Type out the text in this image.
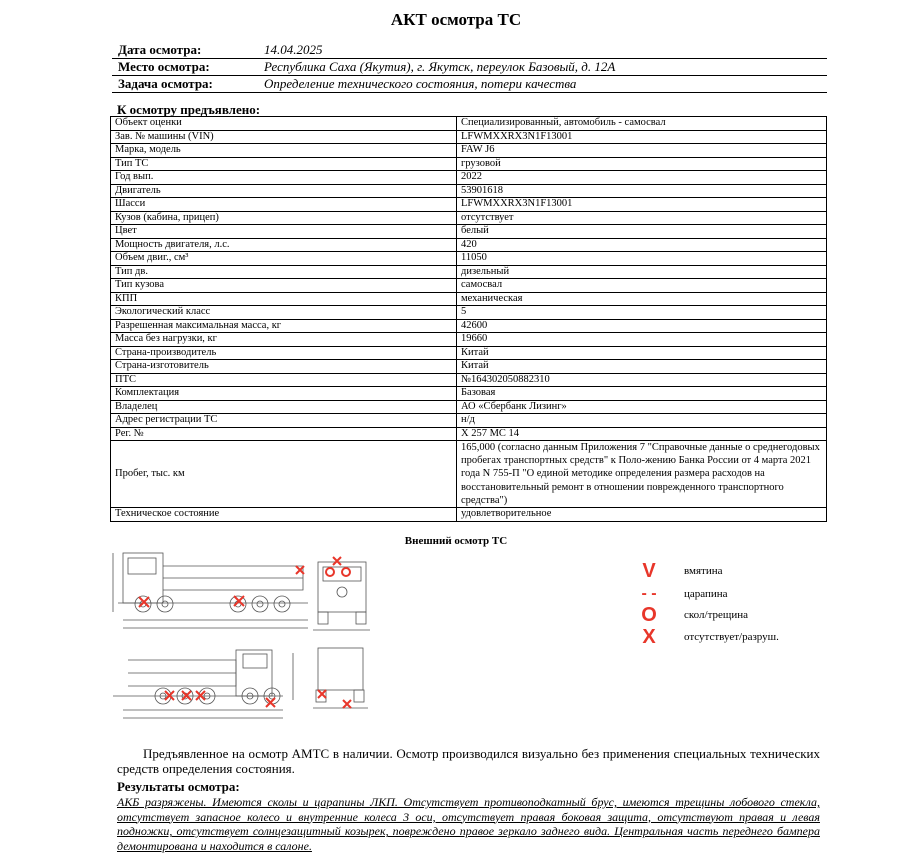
АКТ осмотра ТС
Дата осмотра:	14.04.2025
Место осмотра:	Республика Саха (Якутия), г. Якутск, переулок Базовый, д. 12А
Задача осмотра:	Определение технического состояния, потери качества
К осмотру предъявлено:
Объект оценки	Специализированный, автомобиль - самосвал
Зав. № машины (VIN)	LFWMXXRX3N1F13001
Марка, модель	FAW J6
Тип ТС	грузовой
Год вып.	2022
Двигатель	53901618
Шасси	LFWMXXRX3N1F13001
Кузов (кабина, прицеп)	отсутствует
Цвет	белый
Мощность двигателя, л.с.	420
Объем двиг., см³	11050
Тип дв.	дизельный
Тип кузова	самосвал
КПП	механическая
Экологический класс	5
Разрешенная максимальная масса, кг	42600
Масса без нагрузки, кг	19660
Страна-производитель	Китай
Страна-изготовитель	Китай
ПТС	№164302050882310
Комплектация	Базовая
Владелец	АО «Сбербанк Лизинг»
Адрес регистрации ТС	н/д
Рег. №	Х 257 МС 14
Пробег, тыс. км	165,000 (согласно данным Приложения 7 "Справочные данные о среднегодовых пробегах транспортных средств" к Поло-жению Банка России от 4 марта 2021 года N 755-П "О единой методике определения размера расходов на восстановительный ремонт в отношении поврежденного транспортного средства")
Техническое состояние	удовлетворительное
Внешний осмотр ТС
V	вмятина
- -	царапина
O	скол/трещина
X	отсутствует/разруш.
Предъявленное на осмотр АМТС в наличии. Осмотр производился визуально без применения специальных технических средств определения состояния.
Результаты осмотра:
АКБ разряжены. Имеются сколы и царапины ЛКП. Отсутствует противоподкатный брус, имеются трещины лобового стекла, отсутствует запасное колесо и внутренние колеса 3 оси, отсутствует правая боковая защита, отсутствуют правая и левая подножки, отсутствует солнцезащитный козырек, повреждено правое зеркало заднего вида. Центральная часть переднего бампера демонтирована и находится в салоне.
